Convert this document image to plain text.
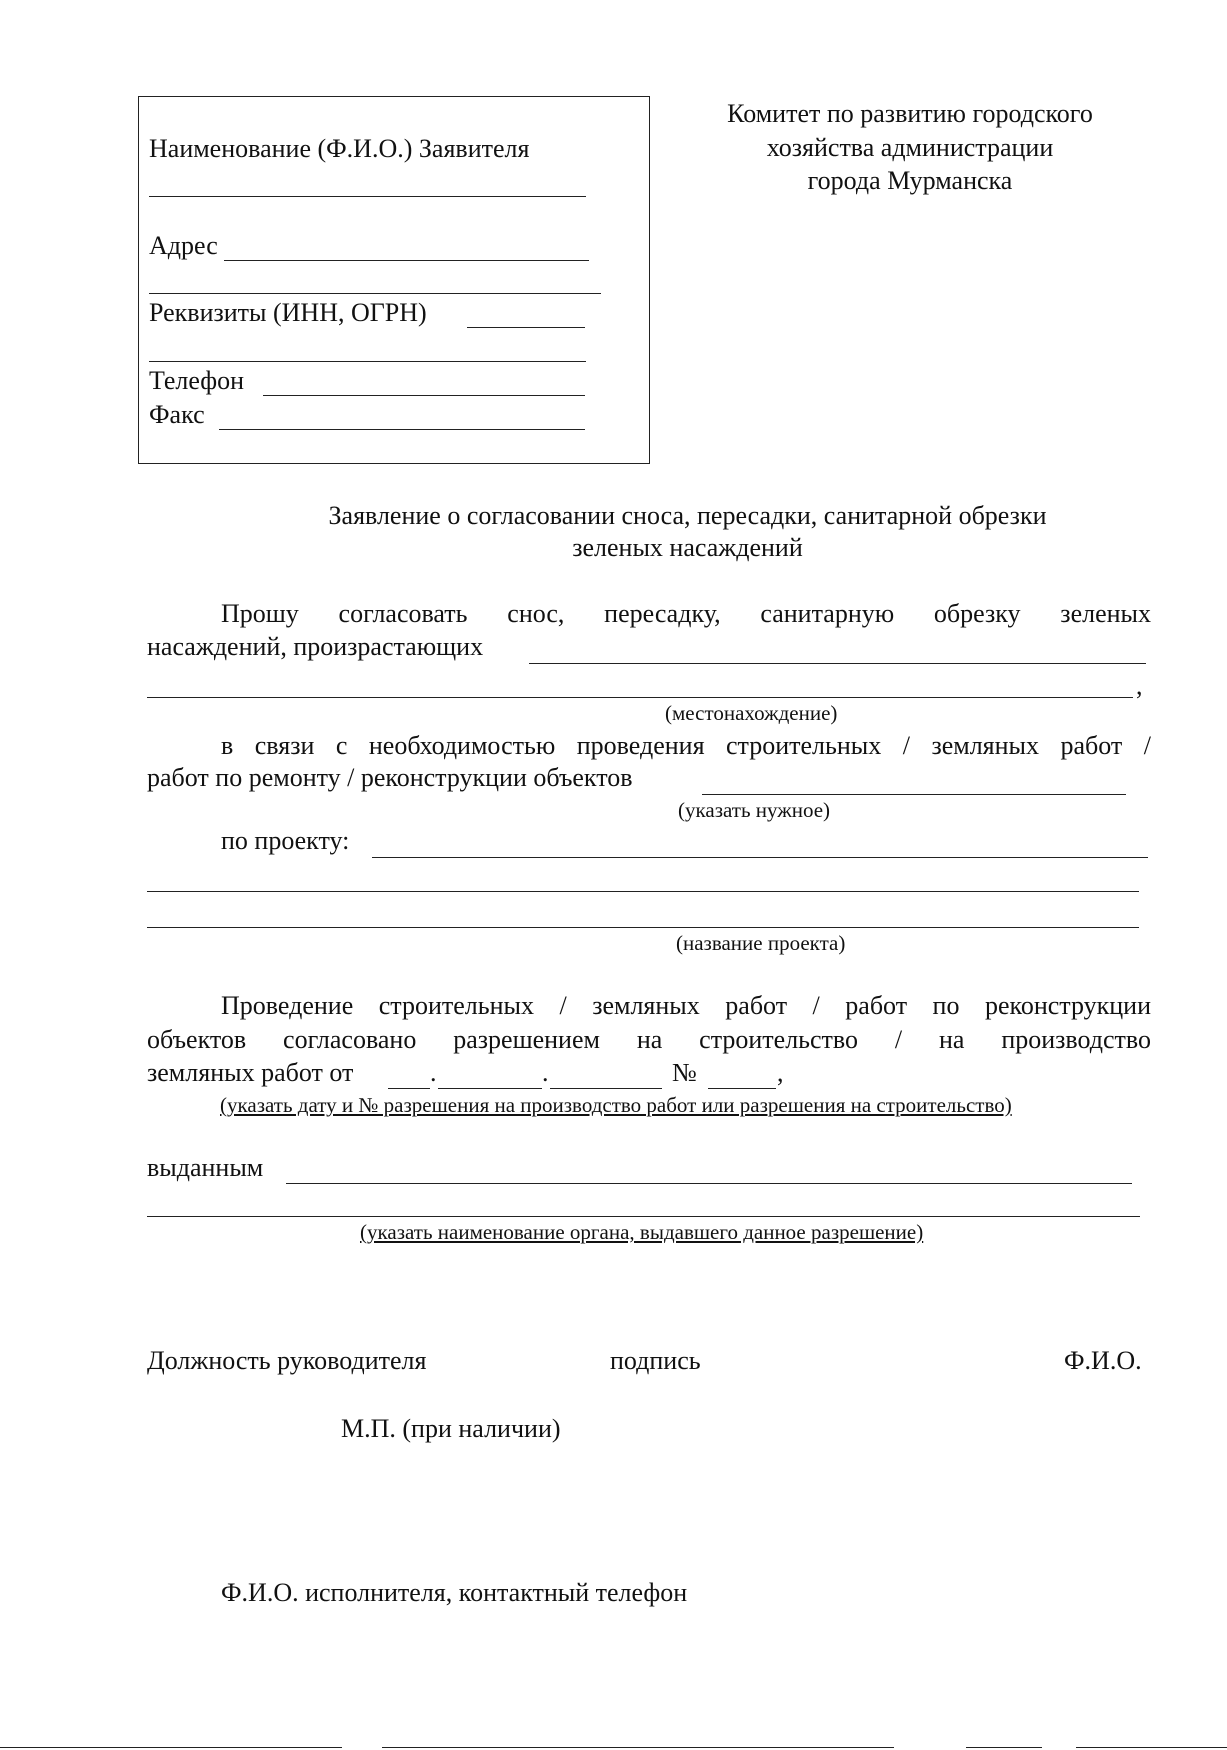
Наименование (Ф.И.О.) Заявителя
Адрес
Реквизиты (ИНН, ОГРН)
Телефон
Факс
Комитет по развитию городского
хозяйства администрации
города Мурманска
Заявление о согласовании сноса, пересадки, санитарной обрезки
зеленых насаждений
Прошу согласовать снос, пересадку, санитарную обрезку зеленых
насаждений, произрастающих
,
(местонахождение)
в связи с необходимостью проведения строительных / земляных работ /
работ по ремонту / реконструкции объектов
(указать нужное)
по проекту:
(название проекта)
Проведение строительных / земляных работ / работ по реконструкции
объектов согласовано разрешением на строительство / на производство
земляных работ от	.	.	№	,
(указать дату и № разрешения на производство работ или разрешения на строительство)
выданным
(указать наименование органа, выдавшего данное разрешение)
Должность руководителя	подпись	Ф.И.О.
М.П. (при наличии)
Ф.И.О. исполнителя, контактный телефон
